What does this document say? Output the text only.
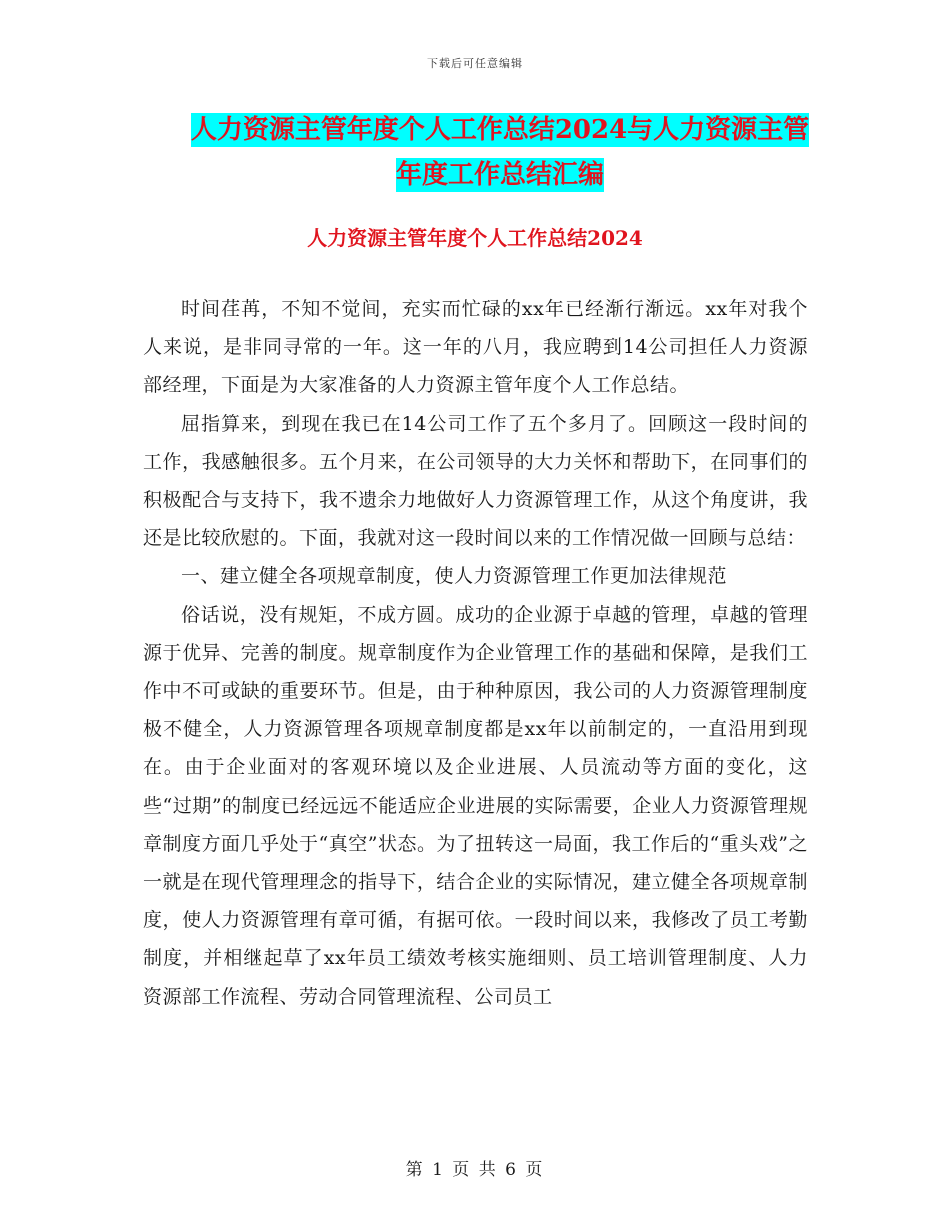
下载后可任意编辑
人力资源主管年度个人工作总结2024与人力资源主管
年度工作总结汇编
人力资源主管年度个人工作总结2024

时间荏苒，不知不觉间，充实而忙碌的xx年已经渐行渐远。xx年对我个人来说，是非同寻常的一年。这一年的八月，我应聘到14公司担任人力资源部经理，下面是为大家准备的人力资源主管年度个人工作总结。

屈指算来，到现在我已在14公司工作了五个多月了。回顾这一段时间的工作，我感触很多。五个月来，在公司领导的大力关怀和帮助下，在同事们的积极配合与支持下，我不遗余力地做好人力资源管理工作，从这个角度讲，我还是比较欣慰的。下面，我就对这一段时间以来的工作情况做一回顾与总结：

一、建立健全各项规章制度，使人力资源管理工作更加法律规范

俗话说，没有规矩，不成方圆。成功的企业源于卓越的管理，卓越的管理源于优异、完善的制度。规章制度作为企业管理工作的基础和保障，是我们工作中不可或缺的重要环节。但是，由于种种原因，我公司的人力资源管理制度极不健全，人力资源管理各项规章制度都是xx年以前制定的，一直沿用到现在。由于企业面对的客观环境以及企业进展、人员流动等方面的变化，这些“过期”的制度已经远远不能适应企业进展的实际需要，企业人力资源管理规章制度方面几乎处于“真空”状态。为了扭转这一局面，我工作后的“重头戏”之一就是在现代管理理念的指导下，结合企业的实际情况，建立健全各项规章制度，使人力资源管理有章可循，有据可依。一段时间以来，我修改了员工考勤制度，并相继起草了xx年员工绩效考核实施细则、员工培训管理制度、人力资源部工作流程、劳动合同管理流程、公司员工

第 1 页 共 6 页
